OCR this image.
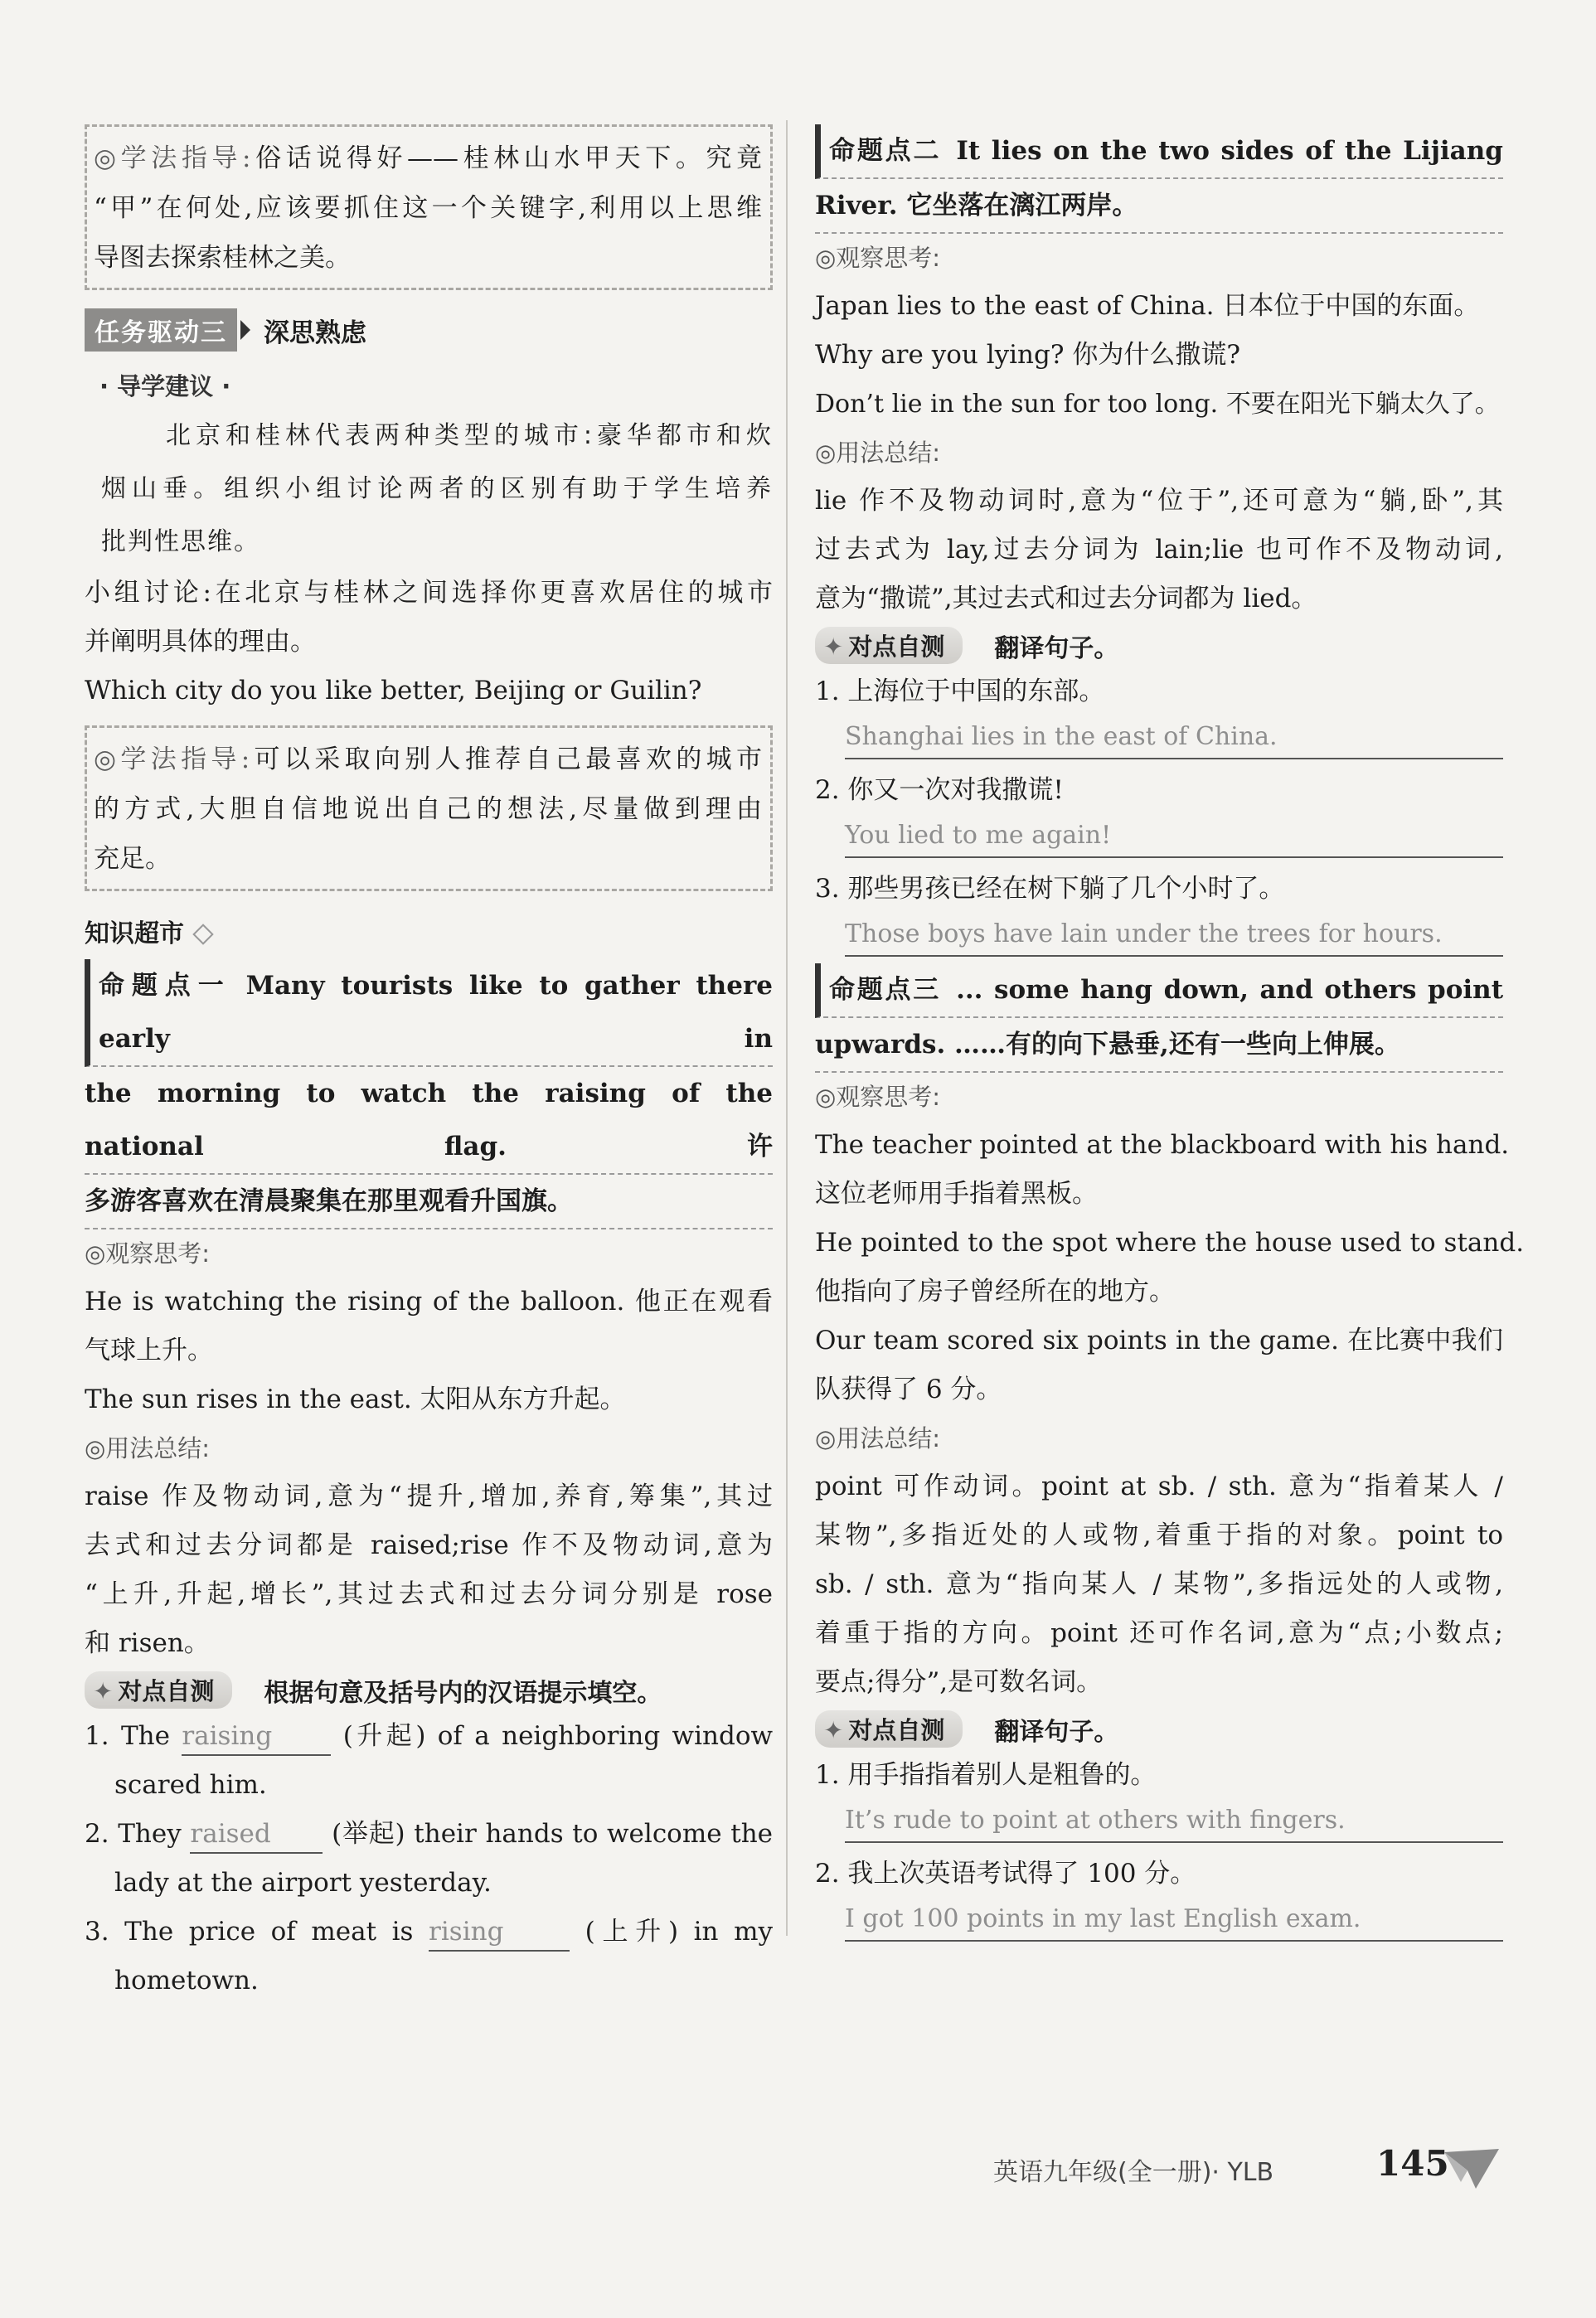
◎学法指导:俗话说得好——桂林山水甲天下。究竟

“甲”在何处,应该要抓住这一个关键字,利用以上思维

导图去探索桂林之美。

任务驱动三	深思熟虑
· 导学建议 ·
北京和桂林代表两种类型的城市:豪华都市和炊
烟山垂。组织小组讨论两者的区别有助于学生培养
批判性思维。

小组讨论:在北京与桂林之间选择你更喜欢居住的城市

并阐明具体的理由。

Which city do you like better, Beijing or Guilin?

◎学法指导:可以采取向别人推荐自己最喜欢的城市

的方式,大胆自信地说出自己的想法,尽量做到理由

充足。

知识超市
命题点一 Many tourists like to gather there early in

the morning to watch the raising of the national flag. 许

多游客喜欢在清晨聚集在那里观看升国旗。

◎观察思考:

He is watching the rising of the balloon. 他正在观看

气球上升。

The sun rises in the east. 太阳从东方升起。

◎用法总结:

raise 作及物动词,意为“提升,增加,养育,筹集”,其过

去式和过去分词都是 raised;rise 作不及物动词,意为

“上升,升起,增长”,其过去式和过去分词分别是 rose

和 risen。

✦ 对点自测	根据句意及括号内的汉语提示填空。

1. The raising	(升起) of a neighboring window

scared him.

2. They raised (举起) their hands to welcome the

lady at the airport yesterday.

3. The price of meat is rising	(上升) in my

hometown.

命题点二 It lies on the two sides of the Lijiang

River. 它坐落在漓江两岸。

◎观察思考:

Japan lies to the east of China. 日本位于中国的东面。

Why are you lying? 你为什么撒谎?

Don’t lie in the sun for too long. 不要在阳光下躺太久了。

◎用法总结:

lie 作不及物动词时,意为“位于”,还可意为“躺,卧”,其

过去式为 lay,过去分词为 lain;lie 也可作不及物动词,

意为“撒谎”,其过去式和过去分词都为 lied。

✦ 对点自测	翻译句子。

1. 上海位于中国的东部。

Shanghai lies in the east of China.

2. 你又一次对我撒谎!

You lied to me again!

3. 那些男孩已经在树下躺了几个小时了。

Those boys have lain under the trees for hours.
命题点三 ... some hang down, and others point

upwards. ……有的向下悬垂,还有一些向上伸展。

◎观察思考:

The teacher pointed at the blackboard with his hand.

这位老师用手指着黑板。

He pointed to the spot where the house used to stand.

他指向了房子曾经所在的地方。

Our team scored six points in the game. 在比赛中我们

队获得了 6 分。

◎用法总结:

point 可作动词。point at sb. / sth. 意为“指着某人 /

某物”,多指近处的人或物,着重于指的对象。point to

sb. / sth. 意为“指向某人 / 某物”,多指远处的人或物,

着重于指的方向。point 还可作名词,意为“点;小数点;

要点;得分”,是可数名词。

✦ 对点自测	翻译句子。

1. 用手指指着别人是粗鲁的。

It’s rude to point at others with fingers.

2. 我上次英语考试得了 100 分。

I got 100 points in my last English exam.
英语九年级(全一册)· YLB	145
